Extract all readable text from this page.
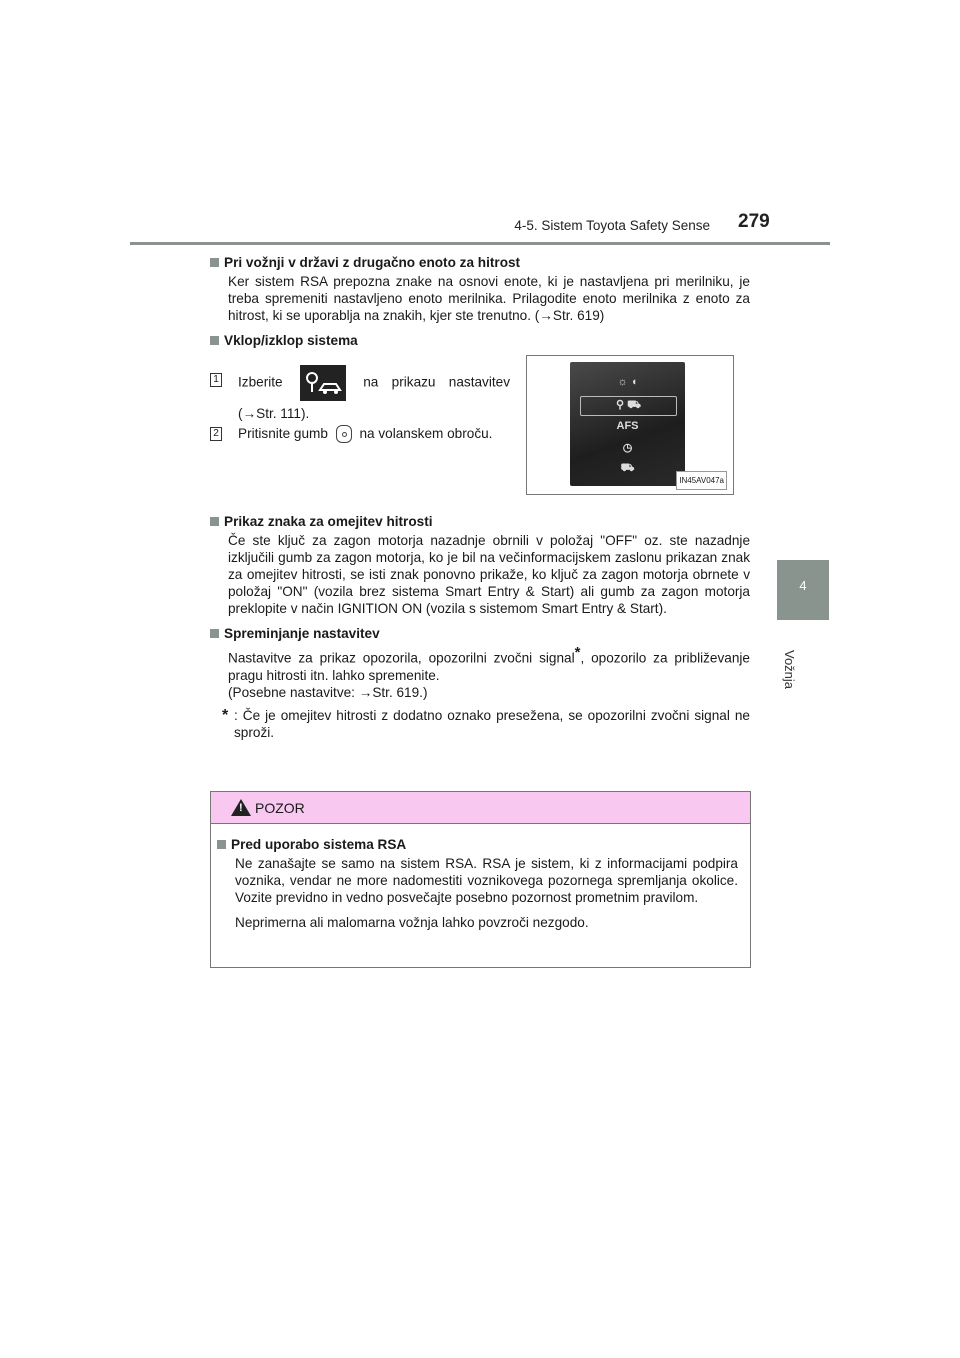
4-5. Sistem Toyota Safety Sense 279
4
Vožnja
Pri vožnji v državi z drugačno enoto za hitrost
Ker sistem RSA prepozna znake na osnovi enote, ki je nastavljena pri merilniku, je treba spremeniti nastavljeno enoto merilnika. Prilagodite enoto merilnika z enoto za hitrost, ki se uporablja na znakih, kjer ste trenutno. (→Str. 619)
Vklop/izklop sistema
1 Izberite	na prikazu nastavitev (→Str. 111).
2 Pritisnite gumb na volanskem obroču.
☼ ◖
⚲ ⛟
AFS
◷
⛟
IN45AV047a
Prikaz znaka za omejitev hitrosti
Če ste ključ za zagon motorja nazadnje obrnili v položaj "OFF" oz. ste nazadnje izključili gumb za zagon motorja, ko je bil na večinformacijskem zaslonu prikazan znak za omejitev hitrosti, se isti znak ponovno prikaže, ko ključ za zagon motorja obrnete v položaj "ON" (vozila brez sistema Smart Entry & Start) ali gumb za zagon motorja preklopite v način IGNITION ON (vozila s sistemom Smart Entry & Start).
Spreminjanje nastavitev
Nastavitve za prikaz opozorila, opozorilni zvočni signal*, opozorilo za približevanje pragu hitrosti itn. lahko spremenite.
(Posebne nastavitve: →Str. 619.)
* : Če je omejitev hitrosti z dodatno oznako presežena, se opozorilni zvočni signal ne sproži.
!
POZOR
Pred uporabo sistema RSA
Ne zanašajte se samo na sistem RSA. RSA je sistem, ki z informacijami podpira voznika, vendar ne more nadomestiti voznikovega pozornega spremljanja okolice. Vozite previdno in vedno posvečajte posebno pozornost prometnim pravilom.
Neprimerna ali malomarna vožnja lahko povzroči nezgodo.
